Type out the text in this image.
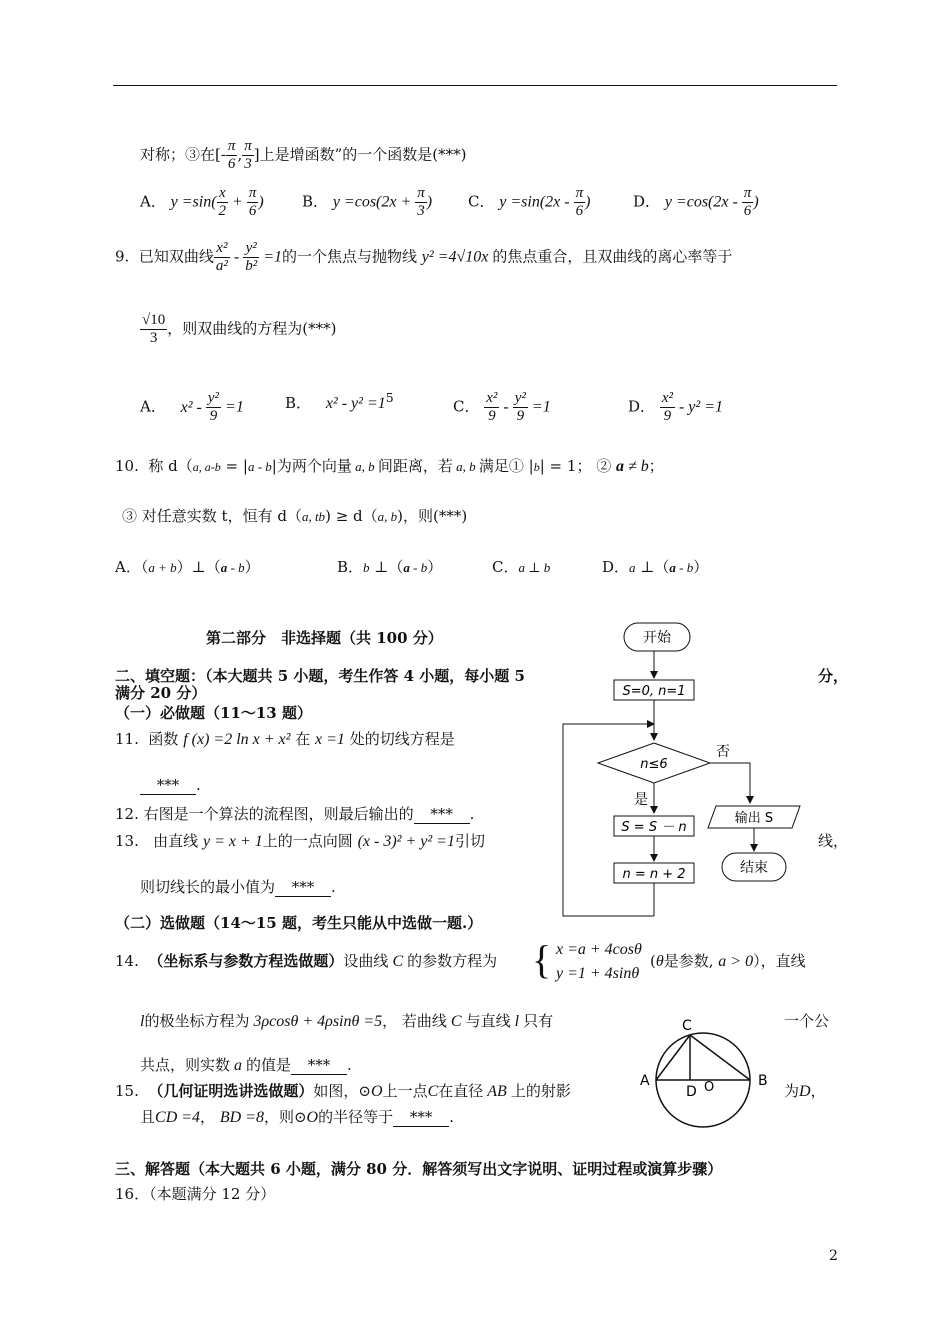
对称；③在[- $\frac{\pi}{6}$ , $\frac{\pi}{3}$ ]上是增函数”的一个函数是(***)
A． $y =\sin( \frac{x}{2} + \frac{\pi}{6}$ )	B． $y =\cos(2x + \frac{\pi}{3}$ ) C． $y =\sin(2x - \frac{\pi}{6}$ )	D． $y =\cos(2x - \frac{\pi}{6}$ )
9. 已知双曲线 $\frac{\text{x²}}{\text{a²}} - \frac{\text{y²}}{\text{b²}} =1$的一个焦点与抛物线 y² =4√10x 的焦点重合，且双曲线的离心率等于
$\frac{√10}{3}$ ，则双曲线的方程为(***)
A． $x^2 - \frac{\text{y²}}{9} =1$	B． $x^2 - y^2 =1^5$	C． $\frac{\text{x²}}{9} - \frac{\text{y²}}{9} =1$	D． $\frac{\text{x²}}{9} - y^2 =1$
10. 称 d（a, a-b = |a - b|为两个向量 a, b 间距离，若 a, b 满足① |b| = 1； ② a ≠ b；
③ 对任意实数 t，恒有 d（a, tb) ≥ d（a, b)，则(***)
A．（a + b）⊥（a - b）	B．b ⊥（a - b）	C．a ⊥ b	D．a ⊥（a - b）
第二部分　非选择题（共 100 分）
二、填空题：（本大题共 5 小题，考生作答 4 小题，每小题 5	分，
满分 20 分）
（一）必做题（11～13 题）
11. 函数 f (x) =2 ln x + x² 在 x =1 处的切线方程是
*** .
12. 右图是一个算法的流程图，则最后输出的 *** .
13. 由直线 y = x + 1上的一点向圆 (x - 3)² + y² =1引切	线，
则切线长的最小值为 *** .
（二）选做题（14～15 题，考生只能从中选做一题.）
14. （坐标系与参数方程选做题）设曲线 C 的参数方程为 { x =a + 4cosθ
y =1 + 4sinθ
(θ是参数, a > 0），直线
l的极坐标方程为 3ρcosθ + 4ρsinθ =5， 若曲线 C 与直线 l 只有	一个公
共点，则实数 a 的值是 *** .
15. （几何证明选讲选做题）如图，⊙O上一点C在直径 AB 上的射影	为D，
且CD =4， BD =8，则⊙O的半径等于 *** .
三、解答题（本大题共 6 小题，满分 80 分．解答须写出文字说明、证明过程或演算步骤）
16．（本题满分 12 分）
开始
S=0, n=1
n≤6
否
输出 S
结束
是
S = S － n
n = n + 2
C
A	B
D O
2
